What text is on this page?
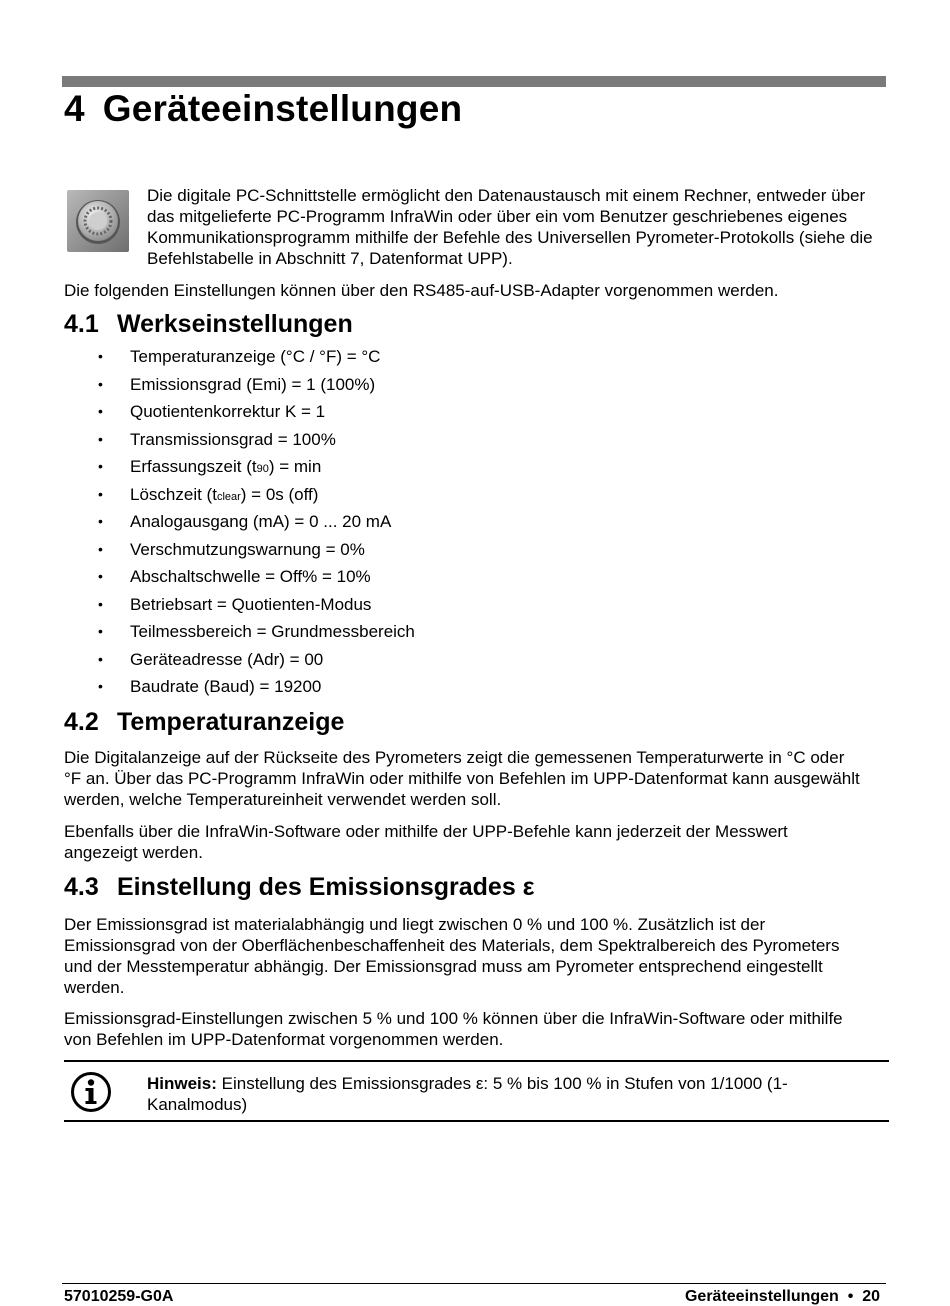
4 Geräteeinstellungen
Die digitale PC-Schnittstelle ermöglicht den Datenaustausch mit einem Rechner, entweder über das mitgelieferte PC-Programm InfraWin oder über ein vom Benutzer geschriebenes eigenes Kommunikationsprogramm mithilfe der Befehle des Universellen Pyrometer-Protokolls (siehe die Befehlstabelle in Abschnitt 7, Datenformat UPP).

Die folgenden Einstellungen können über den RS485-auf-USB-Adapter vorgenommen werden.

4.1 Werkseinstellungen
• Temperaturanzeige (°C / °F) = °C
• Emissionsgrad (Emi) = 1 (100%)
• Quotientenkorrektur K = 1
• Transmissionsgrad = 100%
• Erfassungszeit (t90) = min
• Löschzeit (tclear) = 0s (off)
• Analogausgang (mA) = 0 ... 20 mA
• Verschmutzungswarnung = 0%
• Abschaltschwelle = Off% = 10%
• Betriebsart = Quotienten-Modus
• Teilmessbereich = Grundmessbereich
• Geräteadresse (Adr) = 00
• Baudrate (Baud) = 19200
4.2 Temperaturanzeige

Die Digitalanzeige auf der Rückseite des Pyrometers zeigt die gemessenen Temperaturwerte in °C oder °F an. Über das PC-Programm InfraWin oder mithilfe von Befehlen im UPP-Datenformat kann ausgewählt werden, welche Temperatureinheit verwendet werden soll.

Ebenfalls über die InfraWin-Software oder mithilfe der UPP-Befehle kann jederzeit der Messwert angezeigt werden.

4.3 Einstellung des Emissionsgrades ε

Der Emissionsgrad ist materialabhängig und liegt zwischen 0 % und 100 %. Zusätzlich ist der Emissionsgrad von der Oberflächenbeschaffenheit des Materials, dem Spektralbereich des Pyrometers und der Messtemperatur abhängig. Der Emissionsgrad muss am Pyrometer entsprechend eingestellt werden.

Emissionsgrad-Einstellungen zwischen 5 % und 100 % können über die InfraWin-Software oder mithilfe von Befehlen im UPP-Datenformat vorgenommen werden.

Hinweis: Einstellung des Emissionsgrades ε: 5 % bis 100 % in Stufen von 1/1000 (1-Kanalmodus)
57010259-G0A	Geräteeinstellungen • 20
